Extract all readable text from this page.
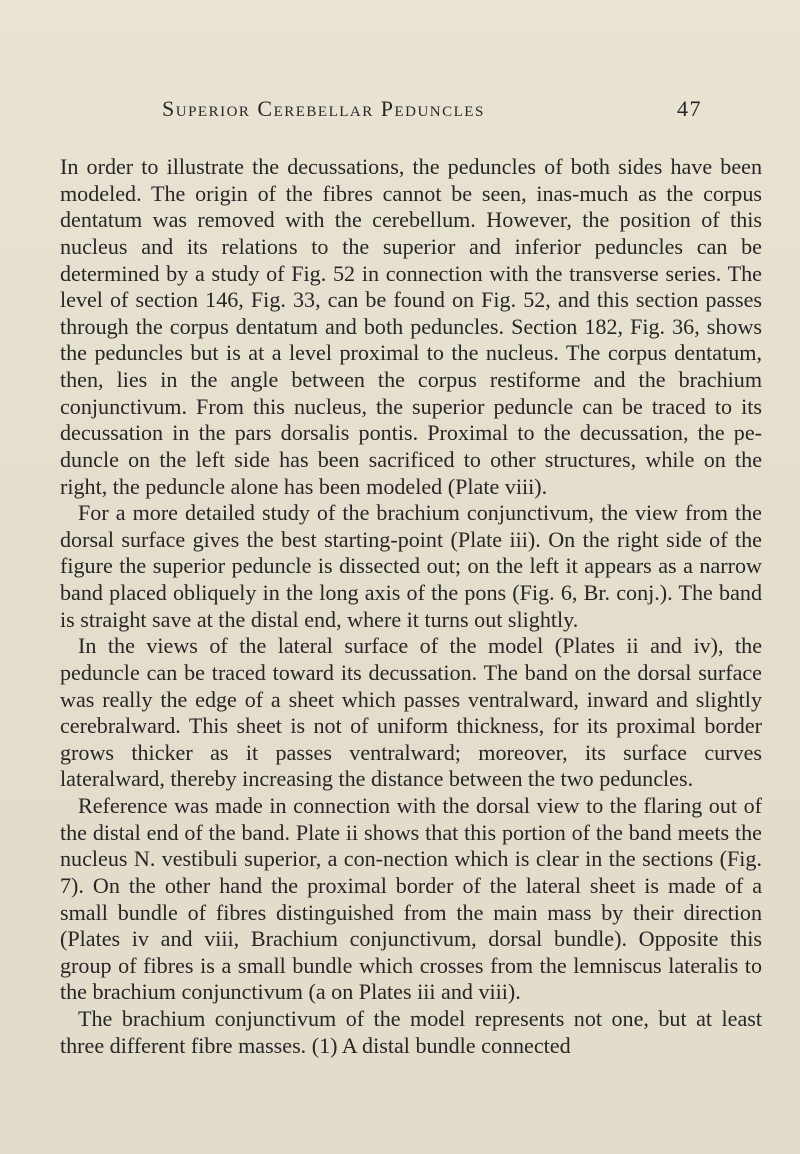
Superior Cerebellar Peduncles	47

In order to illustrate the decussations, the peduncles of both sides have been modeled. The origin of the fibres cannot be seen, inas-much as the corpus dentatum was removed with the cerebellum. However, the position of this nucleus and its relations to the superior and inferior peduncles can be determined by a study of Fig. 52 in connection with the transverse series. The level of section 146, Fig. 33, can be found on Fig. 52, and this section passes through the corpus dentatum and both peduncles. Section 182, Fig. 36, shows the peduncles but is at a level proximal to the nucleus. The corpus dentatum, then, lies in the angle between the corpus restiforme and the brachium conjunctivum. From this nucleus, the superior peduncle can be traced to its decussation in the pars dorsalis pontis. Proximal to the decussation, the pe-duncle on the left side has been sacrificed to other structures, while on the right, the peduncle alone has been modeled (Plate viii).

For a more detailed study of the brachium conjunctivum, the view from the dorsal surface gives the best starting-point (Plate iii). On the right side of the figure the superior peduncle is dissected out; on the left it appears as a narrow band placed obliquely in the long axis of the pons (Fig. 6, Br. conj.). The band is straight save at the distal end, where it turns out slightly.

In the views of the lateral surface of the model (Plates ii and iv), the peduncle can be traced toward its decussation. The band on the dorsal surface was really the edge of a sheet which passes ventralward, inward and slightly cerebralward. This sheet is not of uniform thickness, for its proximal border grows thicker as it passes ventralward; moreover, its surface curves lateralward, thereby increasing the distance between the two peduncles.

Reference was made in connection with the dorsal view to the flaring out of the distal end of the band. Plate ii shows that this portion of the band meets the nucleus N. vestibuli superior, a con-nection which is clear in the sections (Fig. 7). On the other hand the proximal border of the lateral sheet is made of a small bundle of fibres distinguished from the main mass by their direction (Plates iv and viii, Brachium conjunctivum, dorsal bundle). Opposite this group of fibres is a small bundle which crosses from the lemniscus lateralis to the brachium conjunctivum (a on Plates iii and viii).

The brachium conjunctivum of the model represents not one, but at least three different fibre masses. (1) A distal bundle connected
